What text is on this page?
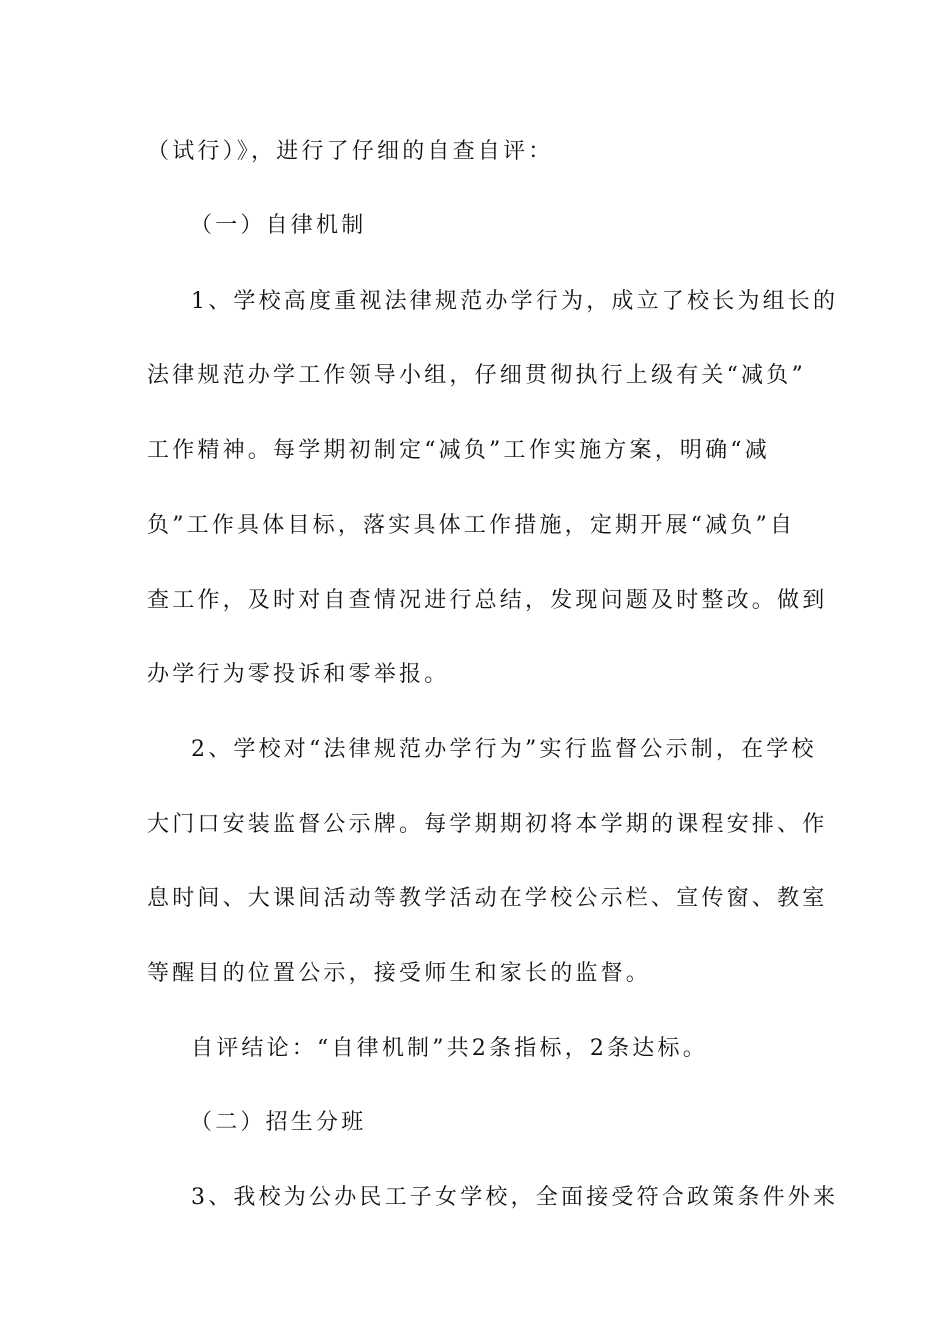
（试行）》，进行了仔细的自查自评：
（一）自律机制
1、学校高度重视法律规范办学行为，成立了校长为组长的
法律规范办学工作领导小组，仔细贯彻执行上级有关“减负”
工作精神。每学期初制定“减负”工作实施方案，明确“减
负”工作具体目标，落实具体工作措施，定期开展“减负”自
查工作，及时对自查情况进行总结，发现问题及时整改。做到
办学行为零投诉和零举报。
2、学校对“法律规范办学行为”实行监督公示制，在学校
大门口安装监督公示牌。每学期期初将本学期的课程安排、作
息时间、大课间活动等教学活动在学校公示栏、宣传窗、教室
等醒目的位置公示，接受师生和家长的监督。
自评结论：“自律机制”共2条指标，2条达标。
（二）招生分班
3、我校为公办民工子女学校，全面接受符合政策条件外来
